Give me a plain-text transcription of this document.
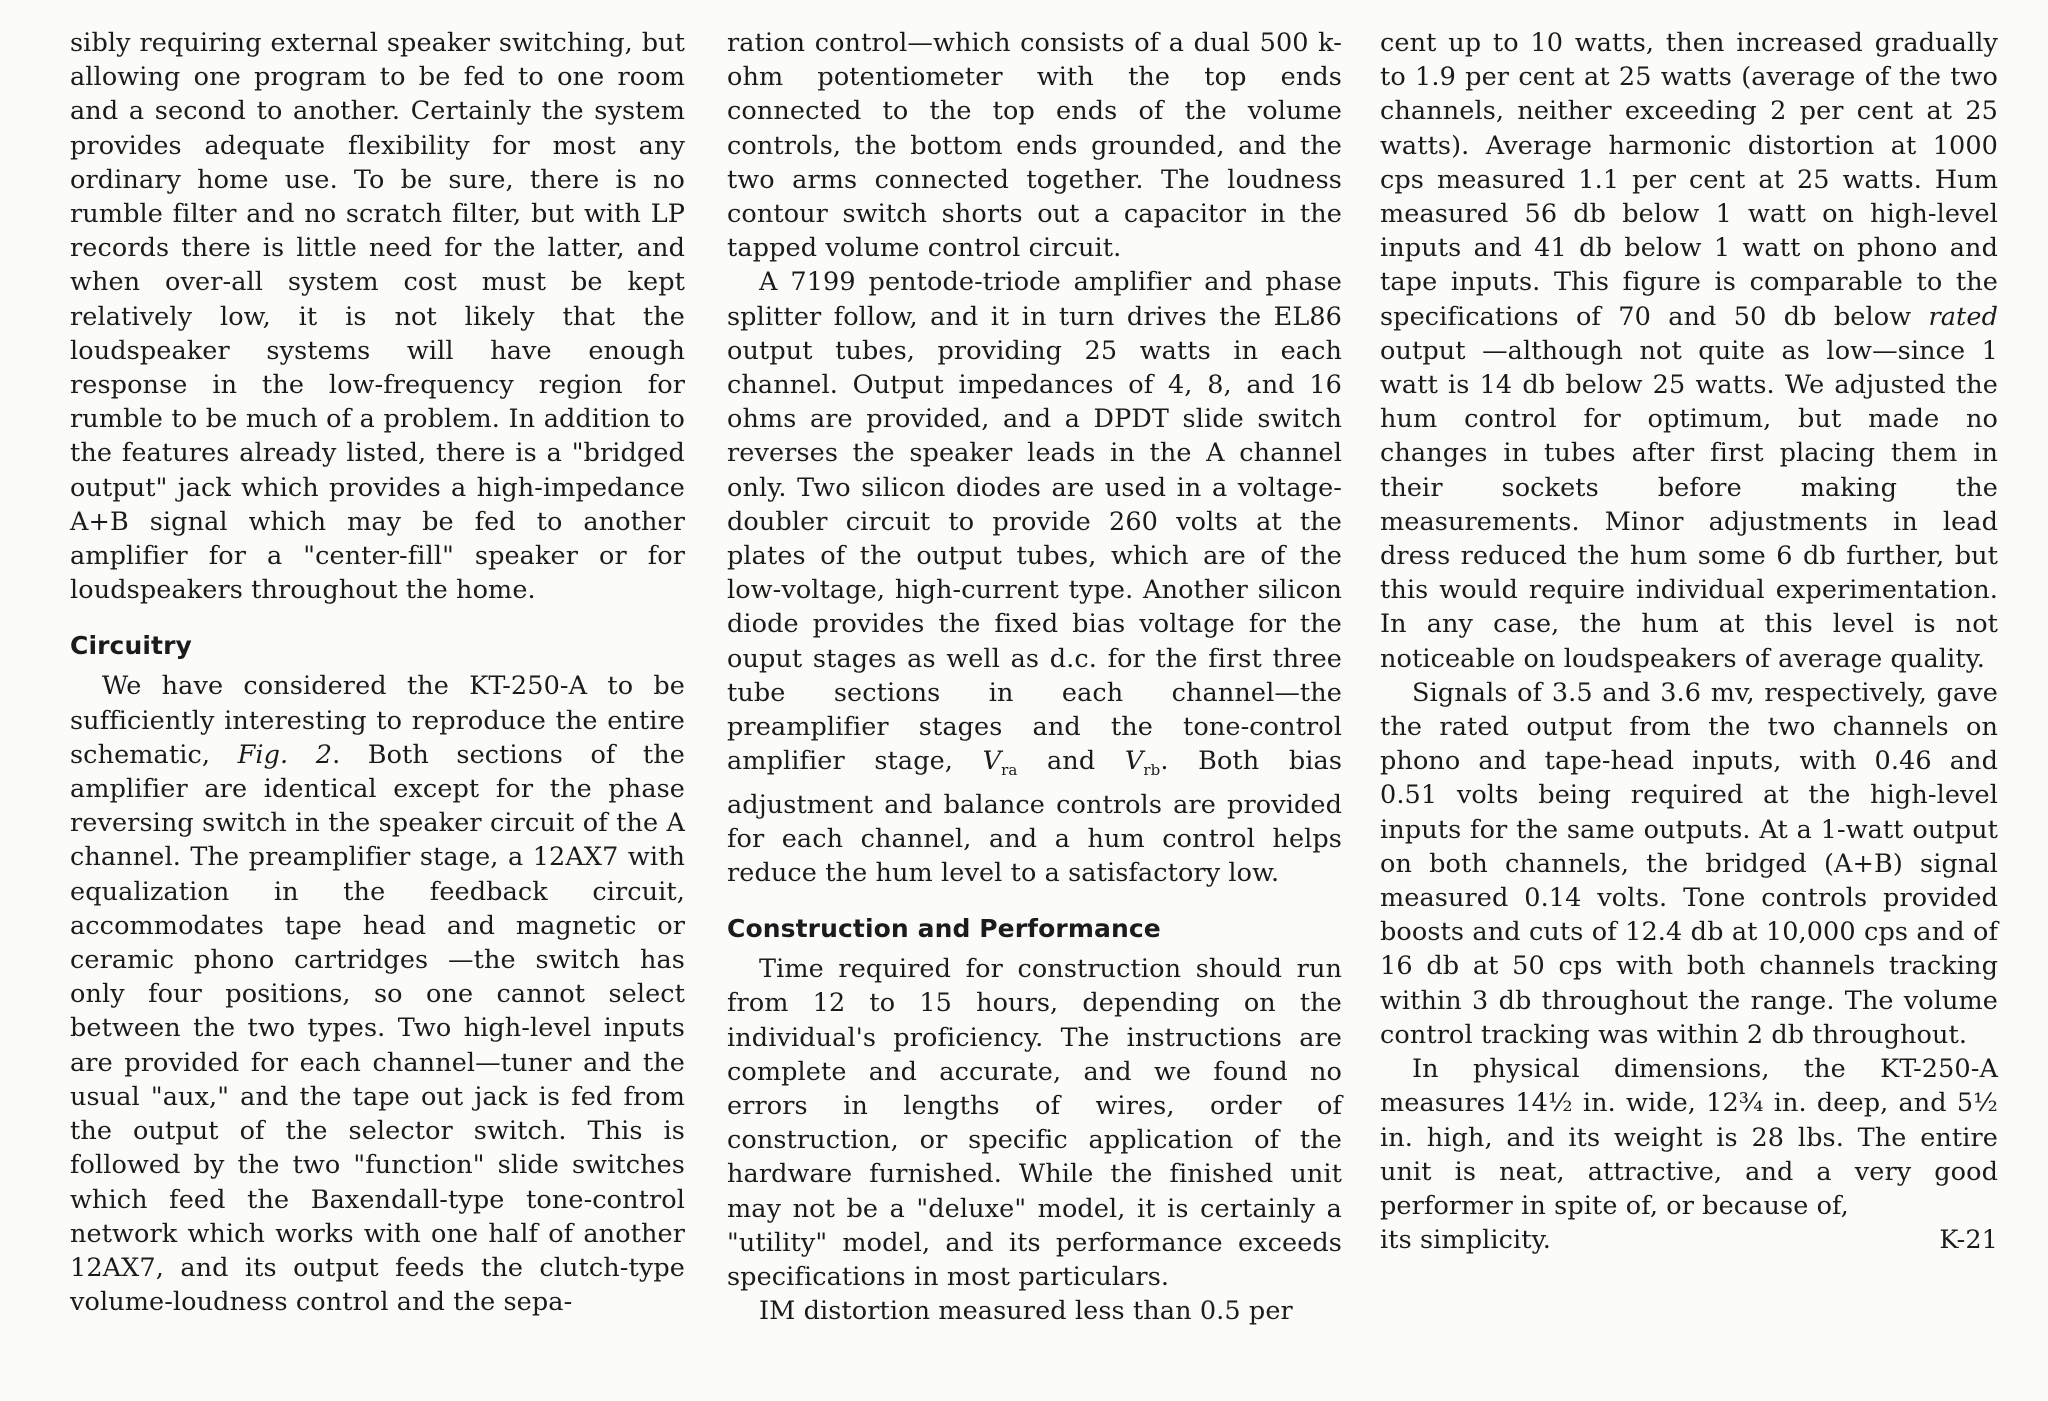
sibly requiring external speaker switching, but allowing one program to be fed to one room and a second to another. Certainly the system provides adequate flexibility for most any ordinary home use. To be sure, there is no rumble filter and no scratch filter, but with LP records there is little need for the latter, and when over-all system cost must be kept relatively low, it is not likely that the loudspeaker systems will have enough response in the low-frequency region for rumble to be much of a problem. In addition to the features already listed, there is a "bridged output" jack which provides a high-impedance A+B signal which may be fed to another amplifier for a "center-fill" speaker or for loudspeakers throughout the home.

Circuitry

We have considered the KT-250-A to be sufficiently interesting to reproduce the entire schematic, Fig. 2. Both sections of the amplifier are identical except for the phase reversing switch in the speaker circuit of the A channel. The preamplifier stage, a 12AX7 with equalization in the feedback circuit, accommodates tape head and magnetic or ceramic phono cartridges —the switch has only four positions, so one cannot select between the two types. Two high-level inputs are provided for each channel—tuner and the usual "aux," and the tape out jack is fed from the output of the selector switch. This is followed by the two "function" slide switches which feed the Baxendall-type tone-control network which works with one half of another 12AX7, and its output feeds the clutch-type volume-loudness control and the sepa-

ration control—which consists of a dual 500 k-ohm potentiometer with the top ends connected to the top ends of the volume controls, the bottom ends grounded, and the two arms connected together. The loudness contour switch shorts out a capacitor in the tapped volume control circuit.

A 7199 pentode-triode amplifier and phase splitter follow, and it in turn drives the EL86 output tubes, providing 25 watts in each channel. Output impedances of 4, 8, and 16 ohms are provided, and a DPDT slide switch reverses the speaker leads in the A channel only. Two silicon diodes are used in a voltage-doubler circuit to provide 260 volts at the plates of the output tubes, which are of the low-voltage, high-current type. Another silicon diode provides the fixed bias voltage for the ouput stages as well as d.c. for the first three tube sections in each channel—the preamplifier stages and the tone-control amplifier stage, $V_{ra}$ and $V_{rb}$. Both bias adjustment and balance controls are provided for each channel, and a hum control helps reduce the hum level to a satisfactory low.

Construction and Performance

Time required for construction should run from 12 to 15 hours, depending on the individual's proficiency. The instructions are complete and accurate, and we found no errors in lengths of wires, order of construction, or specific application of the hardware furnished. While the finished unit may not be a "deluxe" model, it is certainly a "utility" model, and its performance exceeds specifications in most particulars.

IM distortion measured less than 0.5 per

cent up to 10 watts, then increased gradually to 1.9 per cent at 25 watts (average of the two channels, neither exceeding 2 per cent at 25 watts). Average harmonic distortion at 1000 cps measured 1.1 per cent at 25 watts. Hum measured 56 db below 1 watt on high-level inputs and 41 db below 1 watt on phono and tape inputs. This figure is comparable to the specifications of 70 and 50 db below rated output —although not quite as low—since 1 watt is 14 db below 25 watts. We adjusted the hum control for optimum, but made no changes in tubes after first placing them in their sockets before making the measurements. Minor adjustments in lead dress reduced the hum some 6 db further, but this would require individual experimentation. In any case, the hum at this level is not noticeable on loudspeakers of average quality.

Signals of 3.5 and 3.6 mv, respectively, gave the rated output from the two channels on phono and tape-head inputs, with 0.46 and 0.51 volts being required at the high-level inputs for the same outputs. At a 1-watt output on both channels, the bridged (A+B) signal measured 0.14 volts. Tone controls provided boosts and cuts of 12.4 db at 10,000 cps and of 16 db at 50 cps with both channels tracking within 3 db throughout the range. The volume control tracking was within 2 db throughout.

In physical dimensions, the KT-250-A measures 14½ in. wide, 12¾ in. deep, and 5½ in. high, and its weight is 28 lbs. The entire unit is neat, attractive, and a very good performer in spite of, or because of,

its simplicity.	K-21
